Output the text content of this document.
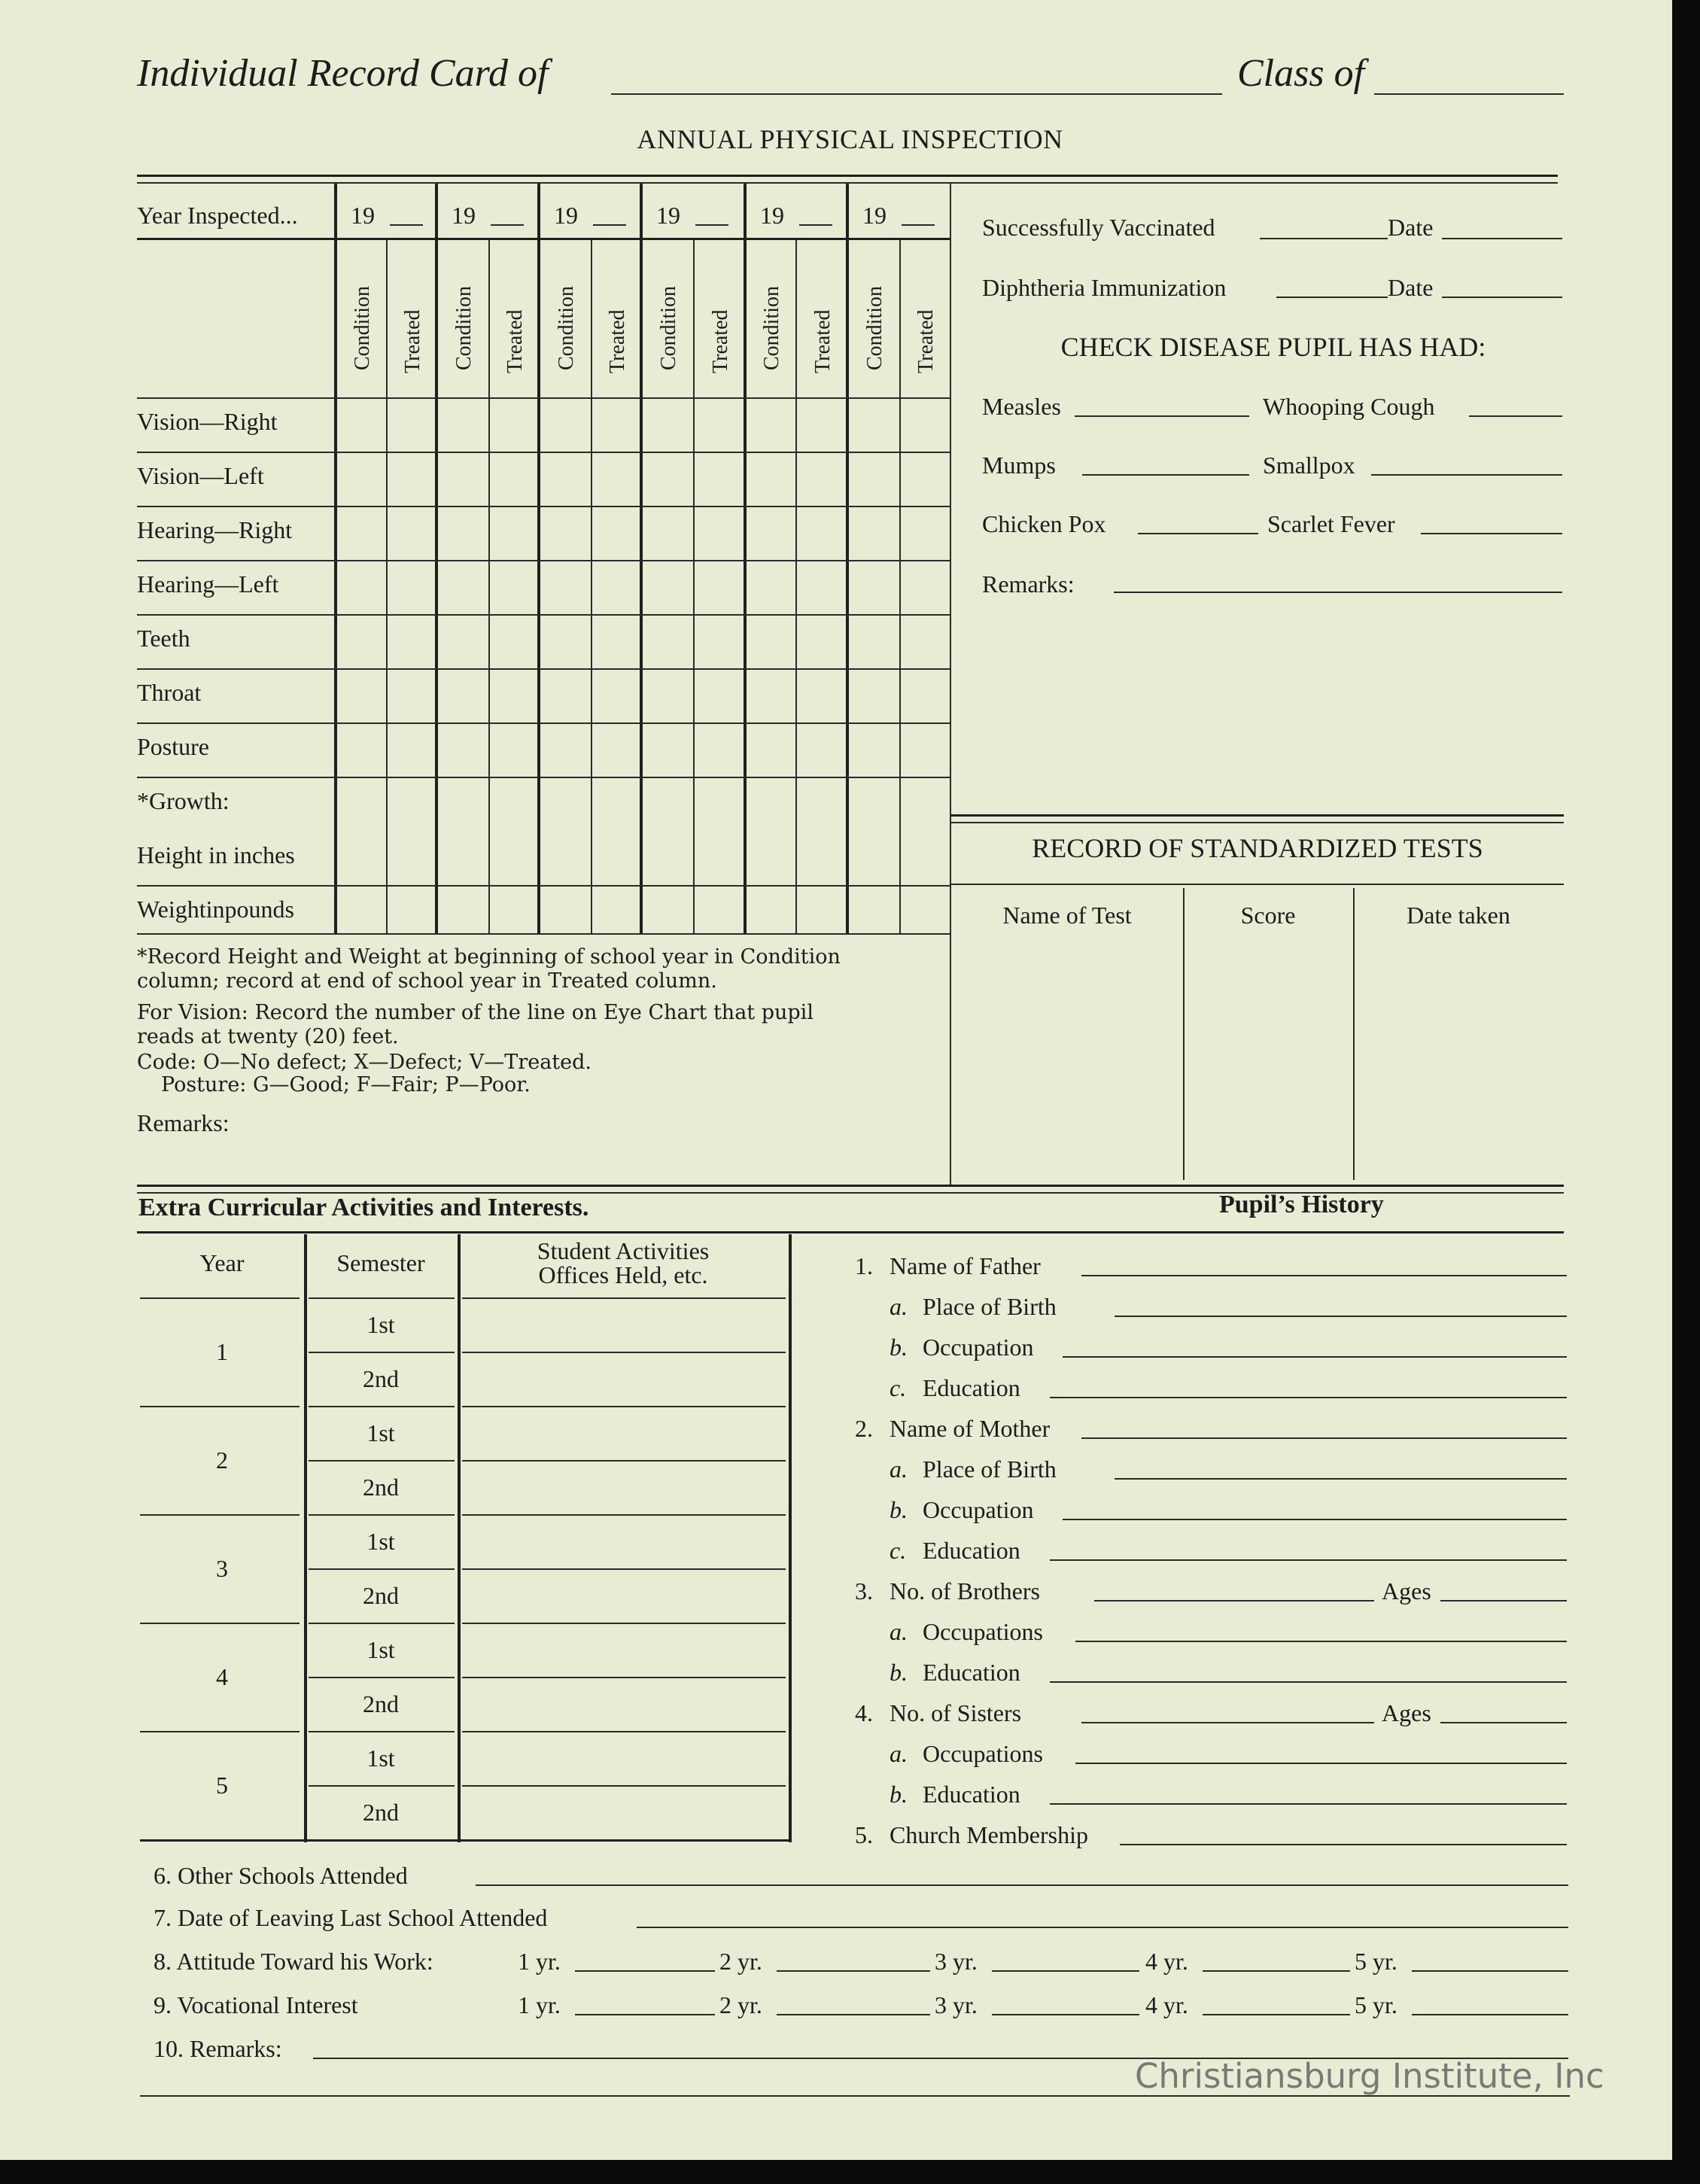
Individual Record Card of	Class of
ANNUAL PHYSICAL INSPECTION
Year Inspected... 19	19	19	19	19	19
Condition Treated Condition Treated Condition Treated Condition Treated Condition Treated Condition Treated
Vision—Right
Vision—Left
Hearing—Right
Hearing—Left
Teeth
Throat
Posture
*Growth:
Height in inches
Weightinpounds
*Record Height and Weight at beginning of school year in Condition
column; record at end of school year in Treated column.
For Vision: Record the number of the line on Eye Chart that pupil
reads at twenty (20) feet.
Code: O—No defect; X—Defect; V—Treated.
Posture: G—Good; F—Fair; P—Poor.
Remarks:
Successfully Vaccinated	Date
Diphtheria Immunization	Date
CHECK DISEASE PUPIL HAS HAD:
Measles	Whooping Cough
Mumps	Smallpox
Chicken Pox	Scarlet Fever
Remarks:
RECORD OF STANDARDIZED TESTS
Name of Test	Score	Date taken
Extra Curricular Activities and Interests.	Pupil’s History
Year	Semester	Student Activities
Offices Held, etc.
1
1st
2nd
2
1st
2nd
3
1st
2nd
4
1st
2nd
5
1st
2nd
1. Name of Father
a. Place of Birth
b. Occupation
c. Education
2. Name of Mother
a. Place of Birth
b. Occupation
c. Education
3. No. of Brothers	Ages
a. Occupations
b. Education
4. No. of Sisters	Ages
a. Occupations
b. Education
5. Church Membership
6. Other Schools Attended
7. Date of Leaving Last School Attended
8. Attitude Toward his Work:	1 yr.	2 yr.	3 yr.	4 yr.	5 yr.
9. Vocational Interest	1 yr.	2 yr.	3 yr.	4 yr.	5 yr.
10. Remarks:
Christiansburg Institute, Inc
